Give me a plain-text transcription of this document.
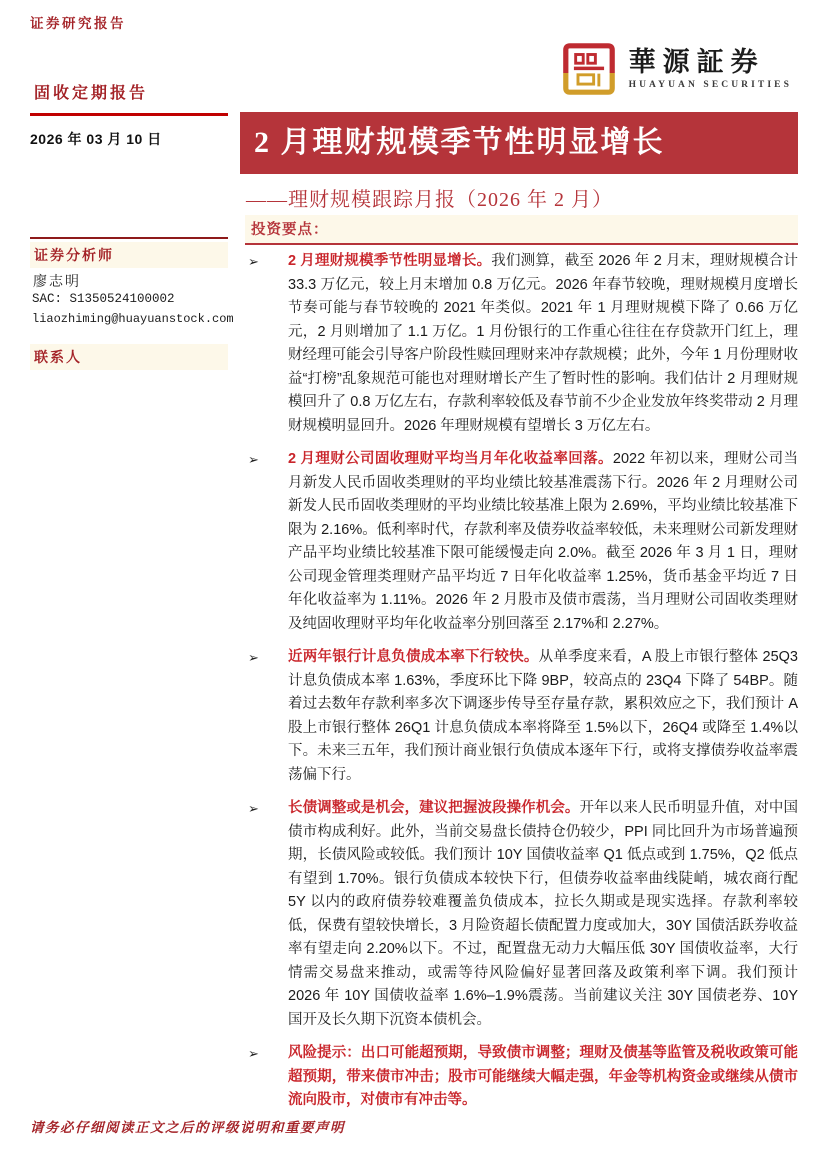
证券研究报告
華源証券
HUAYUAN SECURITIES
固收定期报告
2026 年 03 月 10 日
证券分析师
廖志明
SAC: S1350524100002
liaozhiming@huayuanstock.com
联系人
2 月理财规模季节性明显增长
——理财规模跟踪月报（2026 年 2 月）
投资要点：
➢	2 月理财规模季节性明显增长。我们测算，截至 2026 年 2 月末，理财规模合计 33.3 万亿元，较上月末增加 0.8 万亿元。2026 年春节较晚，理财规模月度增长节奏可能与春节较晚的 2021 年类似。2021 年 1 月理财规模下降了 0.66 万亿元，2 月则增加了 1.1 万亿。1 月份银行的工作重心往往在存贷款开门红上，理财经理可能会引导客户阶段性赎回理财来冲存款规模；此外，今年 1 月份理财收益“打榜”乱象规范可能也对理财增长产生了暂时性的影响。我们估计 2 月理财规模回升了 0.8 万亿左右，存款利率较低及春节前不少企业发放年终奖带动 2 月理财规模明显回升。2026 年理财规模有望增长 3 万亿左右。
➢	2 月理财公司固收理财平均当月年化收益率回落。2022 年初以来，理财公司当月新发人民币固收类理财的平均业绩比较基准震荡下行。2026 年 2 月理财公司新发人民币固收类理财的平均业绩比较基准上限为 2.69%，平均业绩比较基准下限为 2.16%。低利率时代，存款利率及债券收益率较低，未来理财公司新发理财产品平均业绩比较基准下限可能缓慢走向 2.0%。截至 2026 年 3 月 1 日，理财公司现金管理类理财产品平均近 7 日年化收益率 1.25%，货币基金平均近 7 日年化收益率为 1.11%。2026 年 2 月股市及债市震荡，当月理财公司固收类理财及纯固收理财平均年化收益率分别回落至 2.17%和 2.27%。
➢	近两年银行计息负债成本率下行较快。从单季度来看，A 股上市银行整体 25Q3 计息负债成本率 1.63%，季度环比下降 9BP，较高点的 23Q4 下降了 54BP。随着过去数年存款利率多次下调逐步传导至存量存款，累积效应之下，我们预计 A 股上市银行整体 26Q1 计息负债成本率将降至 1.5%以下，26Q4 或降至 1.4%以下。未来三五年，我们预计商业银行负债成本逐年下行，或将支撑债券收益率震荡偏下行。
➢	长债调整或是机会，建议把握波段操作机会。开年以来人民币明显升值，对中国债市构成利好。此外，当前交易盘长债持仓仍较少，PPI 同比回升为市场普遍预期，长债风险或较低。我们预计 10Y 国债收益率 Q1 低点或到 1.75%，Q2 低点有望到 1.70%。银行负债成本较快下行，但债券收益率曲线陡峭，城农商行配 5Y 以内的政府债券较难覆盖负债成本，拉长久期或是现实选择。存款利率较低，保费有望较快增长，3 月险资超长债配置力度或加大，30Y 国债活跃券收益率有望走向 2.20%以下。不过，配置盘无动力大幅压低 30Y 国债收益率，大行情需交易盘来推动，或需等待风险偏好显著回落及政策利率下调。我们预计 2026 年 10Y 国债收益率 1.6%–1.9%震荡。当前建议关注 30Y 国债老券、10Y 国开及长久期下沉资本债机会。
➢	风险提示：出口可能超预期，导致债市调整；理财及债基等监管及税收政策可能超预期，带来债市冲击；股市可能继续大幅走强，年金等机构资金或继续从债市流向股市，对债市有冲击等。
请务必仔细阅读正文之后的评级说明和重要声明
